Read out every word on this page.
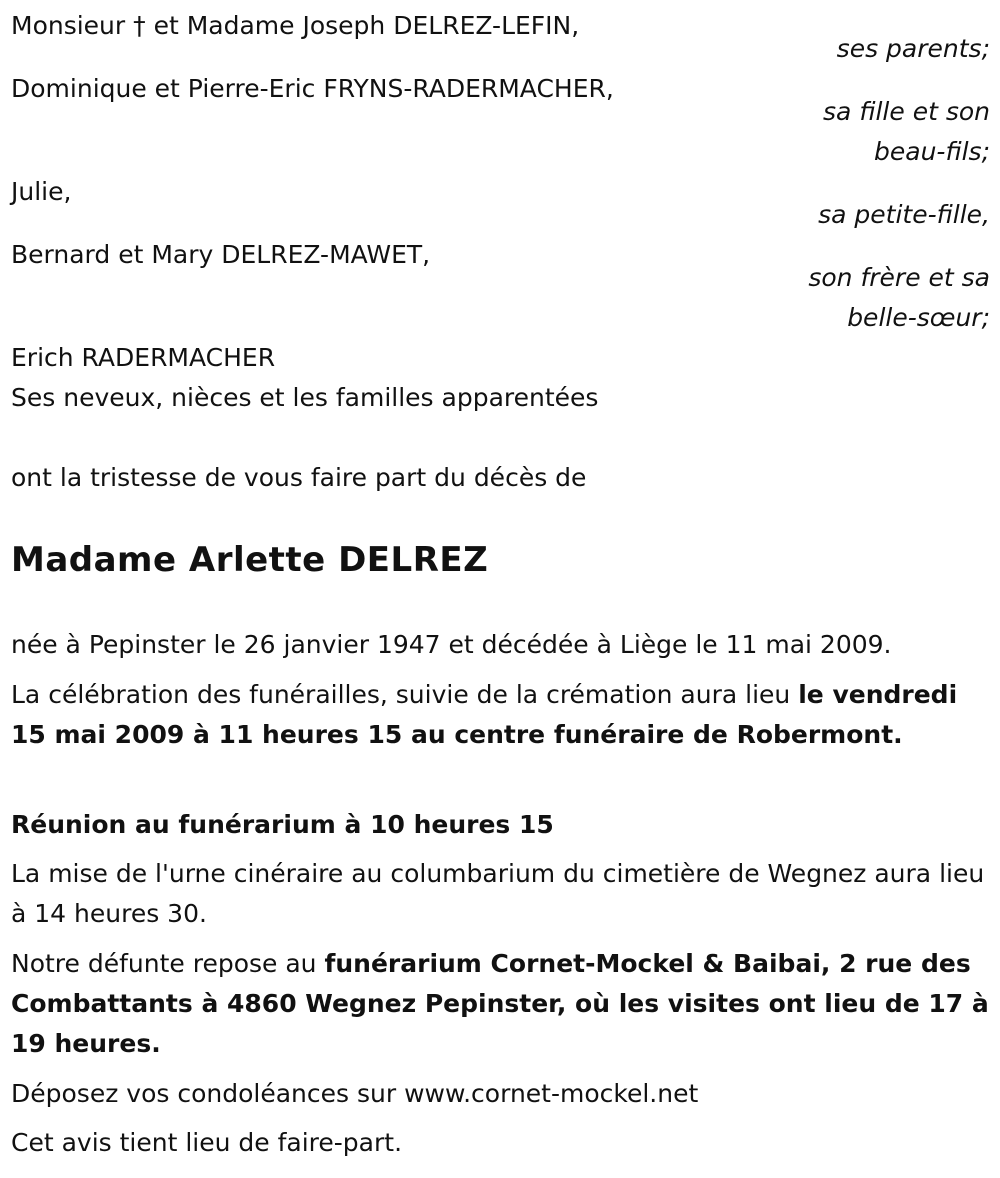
Monsieur † et Madame Joseph DELREZ-LEFIN,
ses parents;
Dominique et Pierre-Eric FRYNS-RADERMACHER,
sa fille et son
beau-fils;
Julie,
sa petite-fille,
Bernard et Mary DELREZ-MAWET,
son frère et sa
belle-sœur;
Erich RADERMACHER
Ses neveux, nièces et les familles apparentées
ont la tristesse de vous faire part du décès de
Madame Arlette DELREZ
née à Pepinster le 26 janvier 1947 et décédée à Liège le 11 mai 2009.
La célébration des funérailles, suivie de la crémation aura lieu le vendredi 15 mai 2009 à 11 heures 15 au centre funéraire de Robermont.
Réunion au funérarium à 10 heures 15
La mise de l'urne cinéraire au columbarium du cimetière de Wegnez aura lieu à 14 heures 30.
Notre défunte repose au funérarium Cornet-Mockel & Baibai, 2 rue des Combattants à 4860 Wegnez Pepinster, où les visites ont lieu de 17 à 19 heures.
Déposez vos condoléances sur www.cornet-mockel.net
Cet avis tient lieu de faire-part.
